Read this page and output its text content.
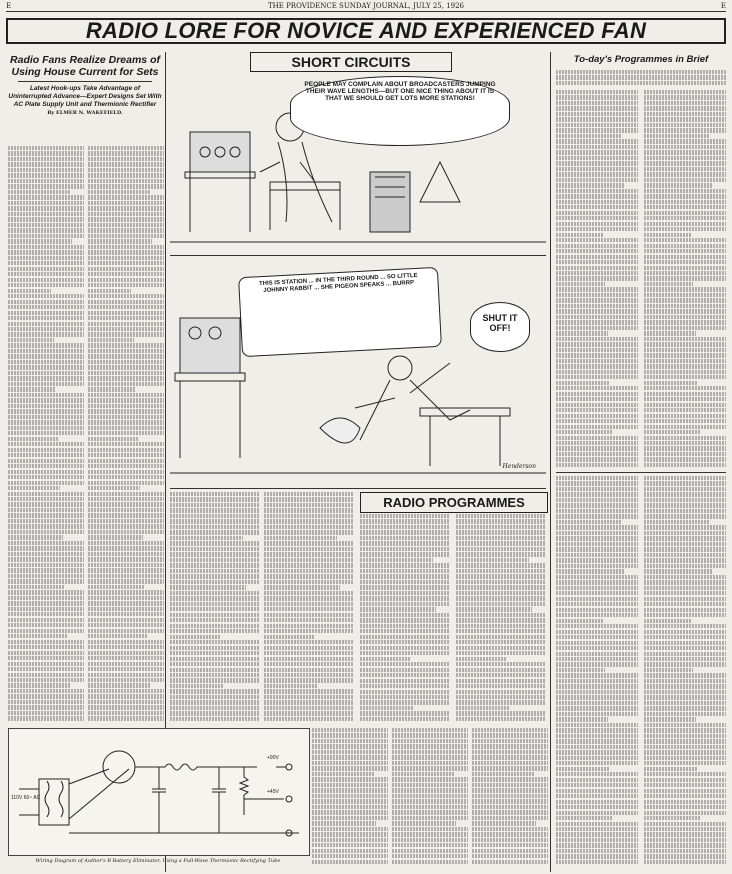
E	THE PROVIDENCE SUNDAY JOURNAL, JULY 25, 1926	E
RADIO LORE FOR NOVICE AND EXPERIENCED FAN
Radio Fans Realize Dreams of Using House Current for Sets
Latest Hook-ups Take Advantage of Uninterrupted Advance—Expert Designs Set With AC Plate Supply Unit and Thermionic Rectifier
By ELMER N. WAKEFIELD.
110V 60~ AC
+90V
+45V
Wiring Diagram of Author's B Battery Eliminator, Using a Full-Wave Thermionic Rectifying Tube
SHORT CIRCUITS
PEOPLE MAY COMPLAIN ABOUT BROADCASTERS JUMPING THEIR WAVE LENGTHS—BUT ONE NICE THING ABOUT IT IS THAT WE SHOULD GET LOTS MORE STATIONS!
THIS IS STATION ... IN THE THIRD ROUND ... SO LITTLE JOHNNY RABBIT ... SHE PIGEON SPEAKS ... BURRP
SHUT IT OFF!
Henderson
RADIO PROGRAMMES
To-day's Programmes in Brief
